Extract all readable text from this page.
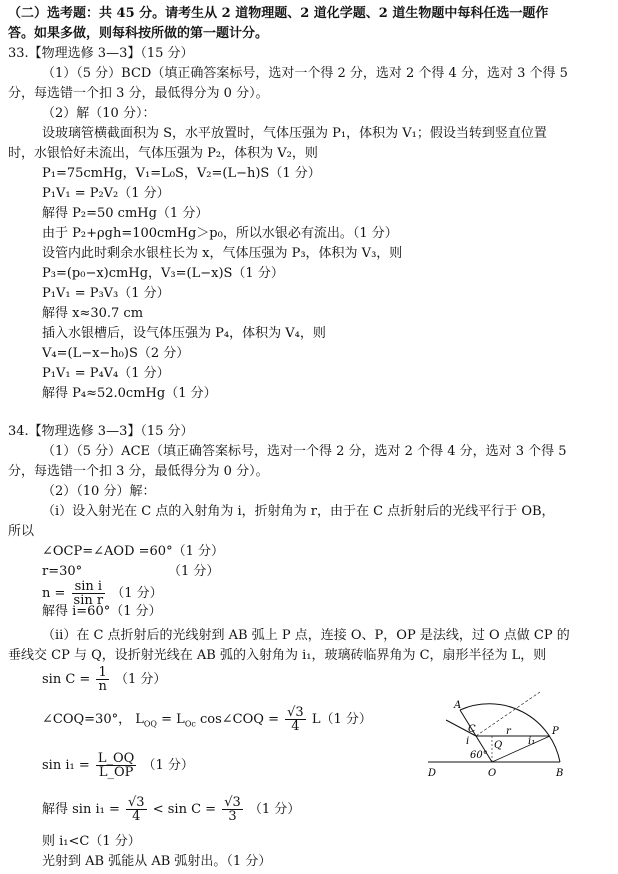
（二）选考题：共 45 分。请考生从 2 道物理题、2 道化学题、2 道生物题中每科任选一题作
答。如果多做，则每科按所做的第一题计分。
33.【物理选修 3—3】（15 分）
（1）（5 分）BCD（填正确答案标号，选对一个得 2 分，选对 2 个得 4 分，选对 3 个得 5
分，每选错一个扣 3 分，最低得分为 0 分）。
（2）解（10 分）：
设玻璃管横截面积为 S，水平放置时，气体压强为 P₁，体积为 V₁；假设当转到竖直位置
时，水银恰好未流出，气体压强为 P₂，体积为 V₂，则
P₁=75cmHg，V₁=L₀S，V₂=(L−h)S（1 分）
P₁V₁ = P₂V₂（1 分）
解得 P₂=50 cmHg（1 分）
由于 P₂+ρgh=100cmHg＞p₀，所以水银必有流出。（1 分）
设管内此时剩余水银柱长为 x，气体压强为 P₃，体积为 V₃，则
P₃=(p₀−x)cmHg，V₃=(L−x)S（1 分）
P₁V₁ = P₃V₃（1 分）
解得 x≈30.7 cm
插入水银槽后，设气体压强为 P₄，体积为 V₄，则
V₄=(L−x−h₀)S（2 分）
P₁V₁ = P₄V₄（1 分）
解得 P₄≈52.0cmHg（1 分）
34.【物理选修 3—3】（15 分）
（1）（5 分）ACE（填正确答案标号，选对一个得 2 分，选对 2 个得 4 分，选对 3 个得 5
分，每选错一个扣 3 分，最低得分为 0 分）。
（2）（10 分）解：
（i）设入射光在 C 点的入射角为 i，折射角为 r，由于在 C 点折射后的光线平行于 OB，
所以
∠OCP=∠AOD =60°（1 分）
r=30°	（1 分）
$n = \frac{\text{sin i}}{\text{sin r}} (1$ 分）
解得 i=60°（1 分）
（ii）在 C 点折射后的光线射到 AB 弧上 P 点，连接 O、P，OP 是法线，过 O 点做 CP 的
垂线交 CP 与 Q，设折射光线在 AB 弧的入射角为 i₁，玻璃砖临界角为 C，扇形半径为 L，则
$\sin C = \frac{1}{n} (1$ 分）
∠COQ=30°， $L_{OQ} = L_{Oc}$ cos∠COQ = $\frac{√3}{4} L(1$ 分）
$\sin i_1 = \frac{L\_OQ}{L\_OP} (1$ 分）
解得 $\sin i_1 = \frac{√3}{4} < \sin C = \frac{√3}{3} (1$ 分）
则 i₁<C（1 分）
光射到 AB 弧能从 AB 弧射出。（1 分）
A
C	P
Q
i
r
i₁
D	O	B
60°
